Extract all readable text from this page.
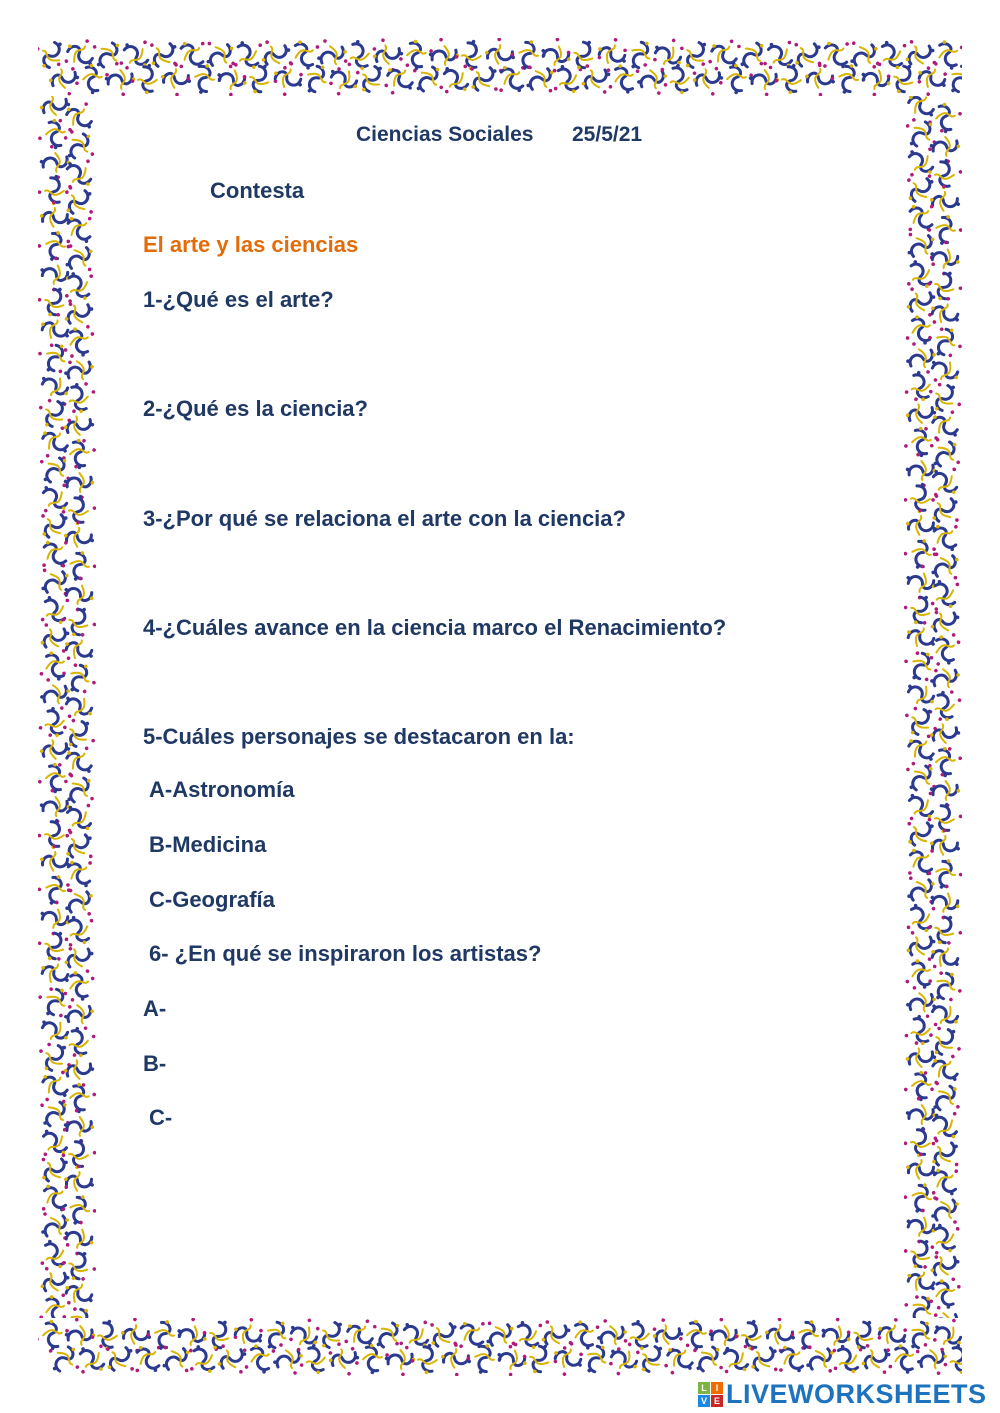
Ciencias Sociales 25/5/21

Contesta

El arte y las ciencias

1-¿Qué es el arte?

2-¿Qué es la ciencia?

3-¿Por qué se relaciona el arte con la ciencia?

4-¿Cuáles avance en la ciencia marco el Renacimiento?

5-Cuáles personajes se destacaron en la:

A-Astronomía

B-Medicina

C-Geografía

6- ¿En qué se inspiraron los artistas?

A-

B-

C-

L I
V E LIVEWORKSHEETS
